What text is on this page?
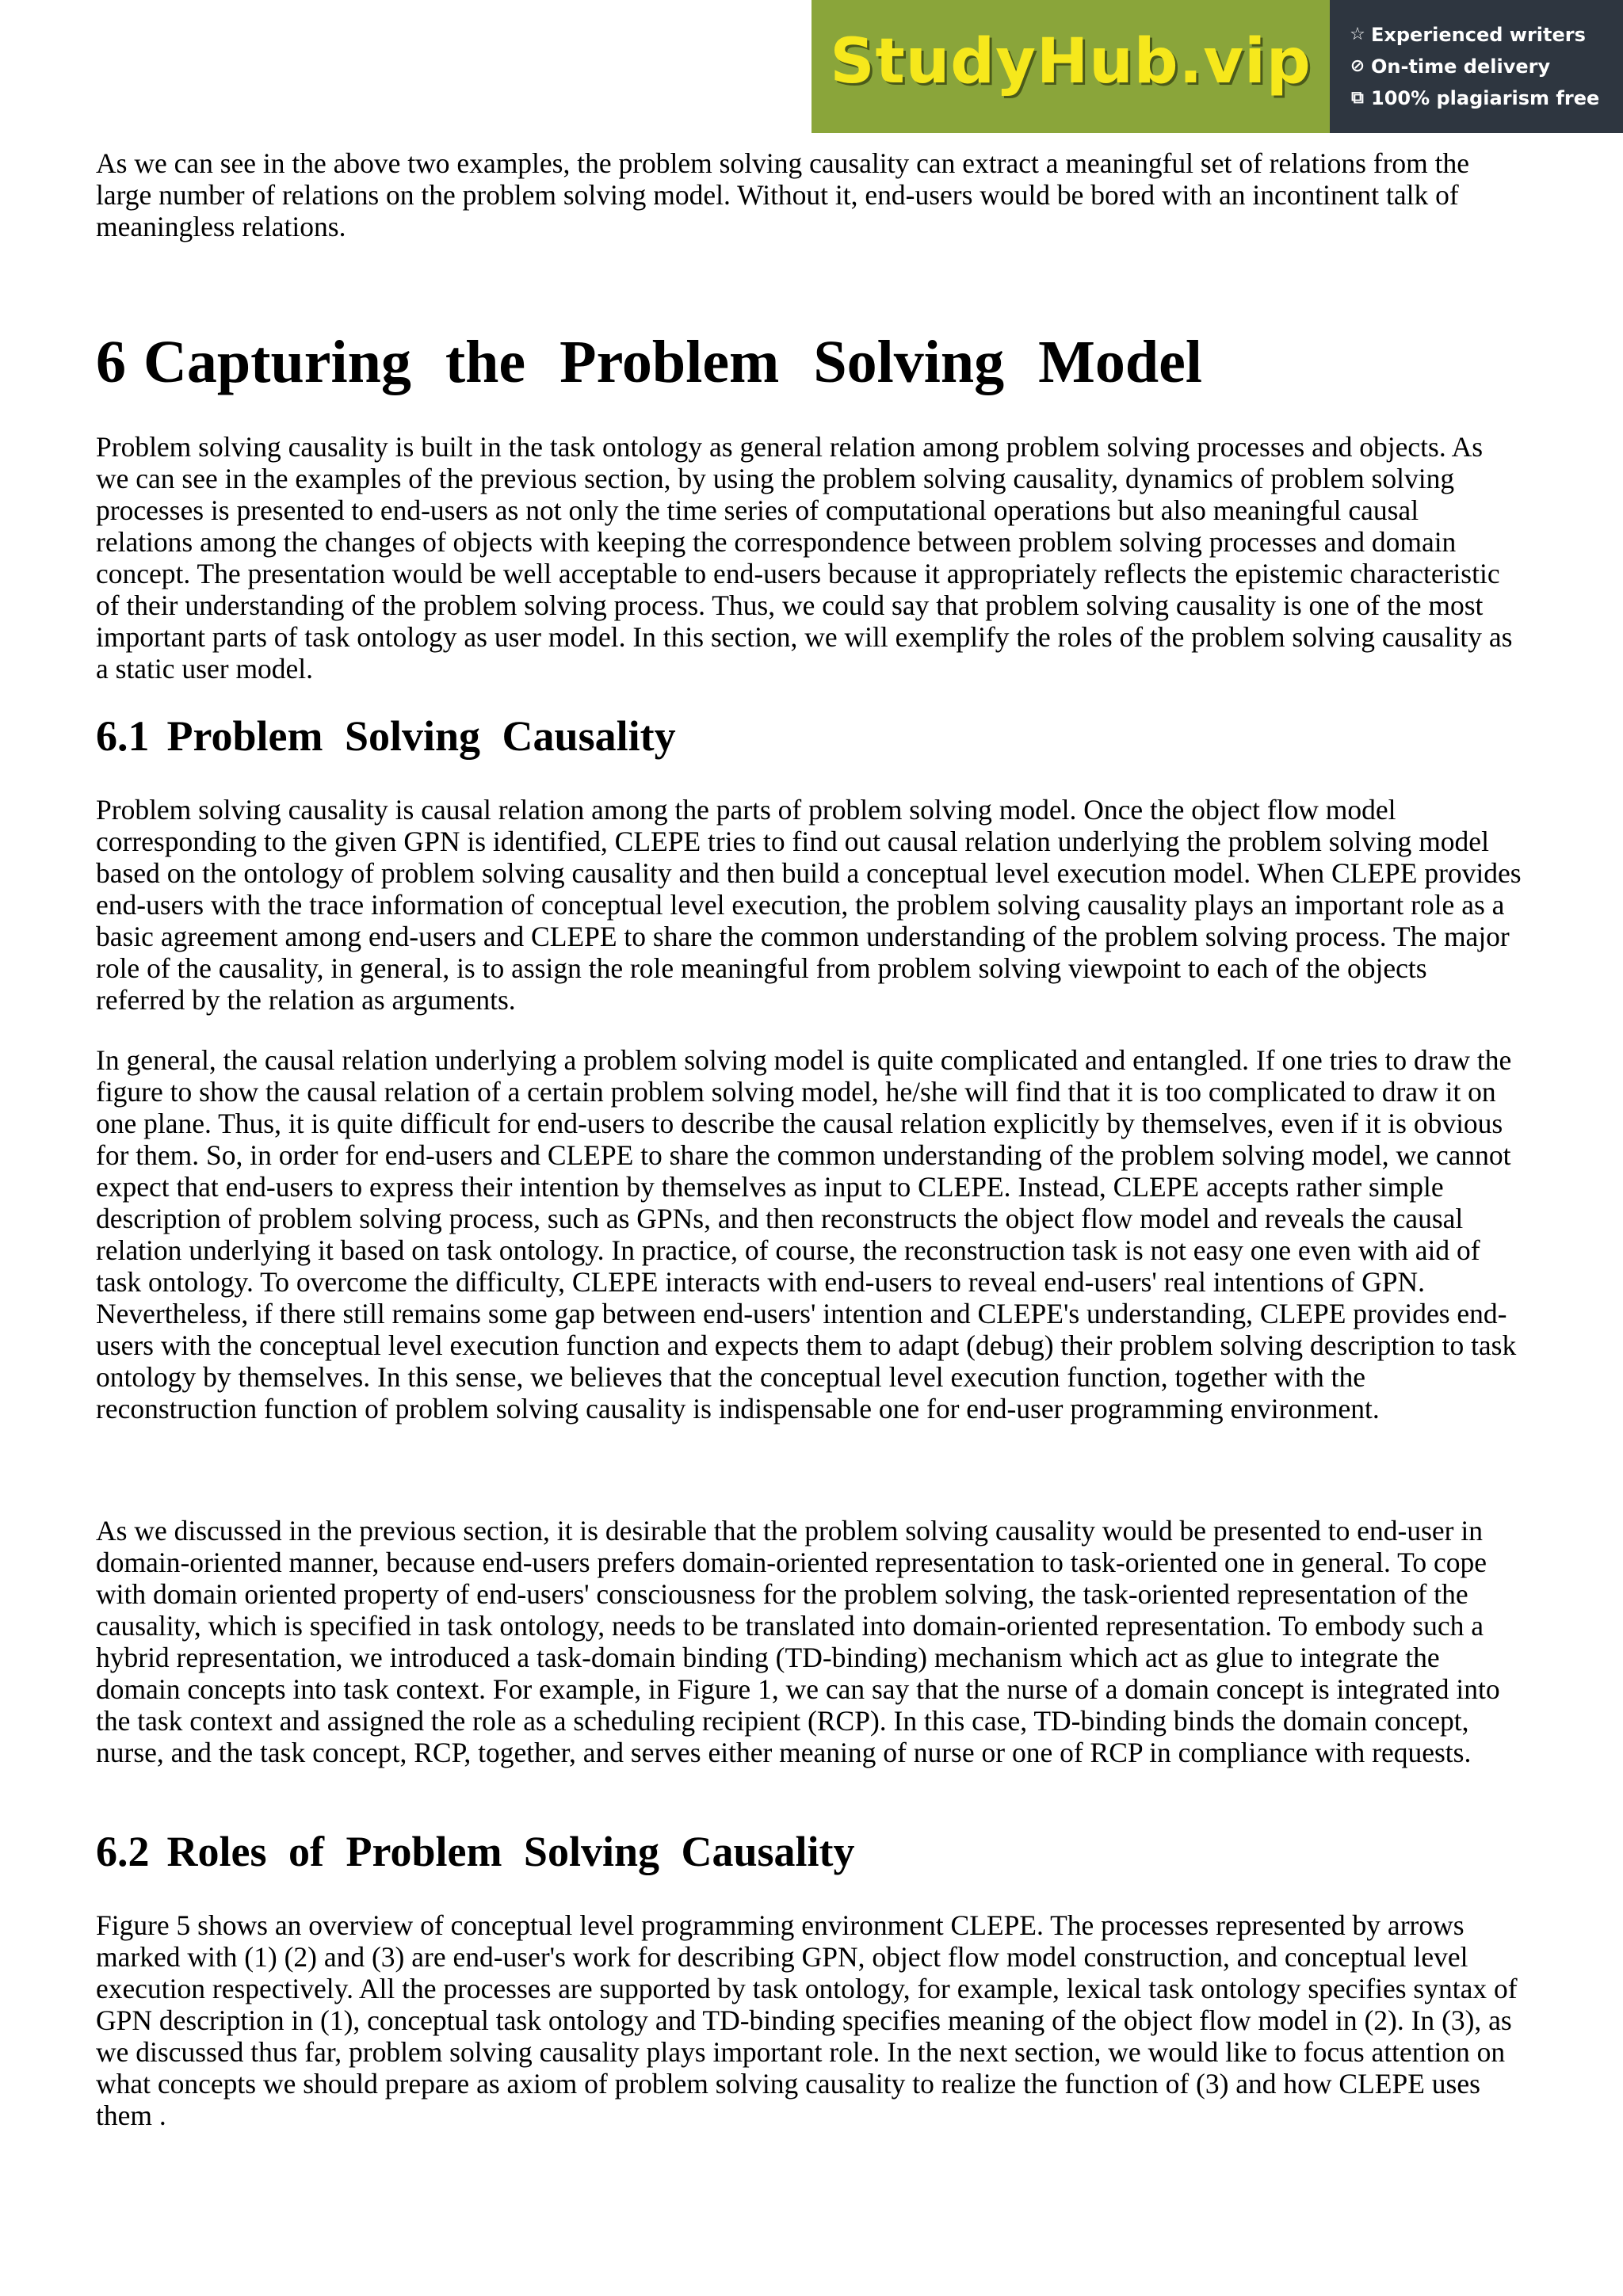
StudyHub.vip ☆ Experienced writers
⊘ On-time delivery
⧉ 100% plagiarism free

As we can see in the above two examples, the problem solving causality can extract a meaningful set of relations from the large number of relations on the problem solving model. Without it, end-users would be bored with an incontinent talk of meaningless relations.

6 Capturing the Problem Solving Model

Problem solving causality is built in the task ontology as general relation among problem solving processes and objects. As we can see in the examples of the previous section, by using the problem solving causality, dynamics of problem solving processes is presented to end-users as not only the time series of computational operations but also meaningful causal relations among the changes of objects with keeping the correspondence between problem solving processes and domain concept. The presentation would be well acceptable to end-users because it appropriately reflects the epistemic characteristic of their understanding of the problem solving process. Thus, we could say that problem solving causality is one of the most important parts of task ontology as user model. In this section, we will exemplify the roles of the problem solving causality as a static user model.

6.1 Problem Solving Causality

Problem solving causality is causal relation among the parts of problem solving model. Once the object flow model corresponding to the given GPN is identified, CLEPE tries to find out causal relation underlying the problem solving model based on the ontology of problem solving causality and then build a conceptual level execution model. When CLEPE provides end-users with the trace information of conceptual level execution, the problem solving causality plays an important role as a basic agreement among end-users and CLEPE to share the common understanding of the problem solving process. The major role of the causality, in general, is to assign the role meaningful from problem solving viewpoint to each of the objects referred by the relation as arguments.

In general, the causal relation underlying a problem solving model is quite complicated and entangled. If one tries to draw the figure to show the causal relation of a certain problem solving model, he/she will find that it is too complicated to draw it on one plane. Thus, it is quite difficult for end-users to describe the causal relation explicitly by themselves, even if it is obvious for them. So, in order for end-users and CLEPE to share the common understanding of the problem solving model, we cannot expect that end-users to express their intention by themselves as input to CLEPE. Instead, CLEPE accepts rather simple description of problem solving process, such as GPNs, and then reconstructs the object flow model and reveals the causal relation underlying it based on task ontology. In practice, of course, the reconstruction task is not easy one even with aid of task ontology. To overcome the difficulty, CLEPE interacts with end-users to reveal end-users' real intentions of GPN. Nevertheless, if there still remains some gap between end-users' intention and CLEPE's understanding, CLEPE provides end-users with the conceptual level execution function and expects them to adapt (debug) their problem solving description to task ontology by themselves. In this sense, we believes that the conceptual level execution function, together with the reconstruction function of problem solving causality is indispensable one for end-user programming environment.

As we discussed in the previous section, it is desirable that the problem solving causality would be presented to end-user in domain-oriented manner, because end-users prefers domain-oriented representation to task-oriented one in general. To cope with domain oriented property of end-users' consciousness for the problem solving, the task-oriented representation of the causality, which is specified in task ontology, needs to be translated into domain-oriented representation. To embody such a hybrid representation, we introduced a task-domain binding (TD-binding) mechanism which act as glue to integrate the domain concepts into task context. For example, in Figure 1, we can say that the nurse of a domain concept is integrated into the task context and assigned the role as a scheduling recipient (RCP). In this case, TD-binding binds the domain concept, nurse, and the task concept, RCP, together, and serves either meaning of nurse or one of RCP in compliance with requests.

6.2 Roles of Problem Solving Causality

Figure 5 shows an overview of conceptual level programming environment CLEPE. The processes represented by arrows marked with (1) (2) and (3) are end-user's work for describing GPN, object flow model construction, and conceptual level execution respectively. All the processes are supported by task ontology, for example, lexical task ontology specifies syntax of GPN description in (1), conceptual task ontology and TD-binding specifies meaning of the object flow model in (2). In (3), as we discussed thus far, problem solving causality plays important role. In the next section, we would like to focus attention on what concepts we should prepare as axiom of problem solving causality to realize the function of (3) and how CLEPE uses them .
